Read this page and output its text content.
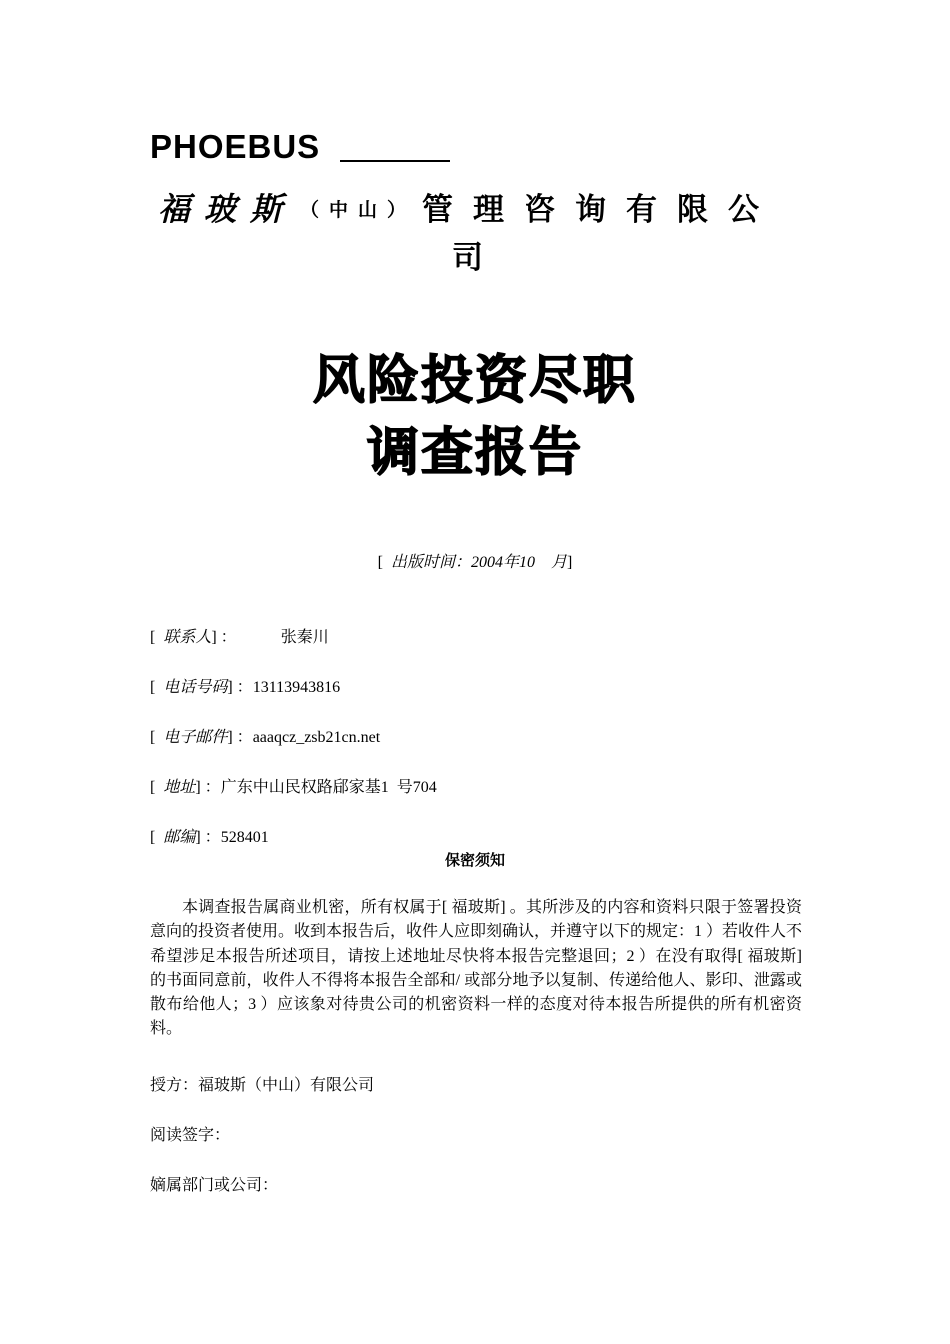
PHOEBUS
福玻斯 （中山） 管理咨询有限公
司
风险投资尽职
调查报告
[ 出版时间：2004年10　月]
[  联系人] ：   　　张秦川
[  电话号码] ：13113943816
[  电子邮件] ：aaaqcz_zsb21cn.net
[  地址] ：广东中山民权路郈家基1  号704
[  邮编] ：528401
保密须知
本调查报告属商业机密，所有权属于[ 福玻斯] 。其所涉及的内容和资料只限于签署投资意向的投资者使用。收到本报告后，收件人应即刻确认，并遵守以下的规定：1 ）若收件人不希望涉足本报告所述项目，请按上述地址尽快将本报告完整退回；2 ）在没有取得[ 福玻斯] 的书面同意前，收件人不得将本报告全部和/ 或部分地予以复制、传递给他人、影印、泄露或散布给他人；3 ）应该象对待贵公司的机密资料一样的态度对待本报告所提供的所有机密资料。
授方：福玻斯（中山）有限公司
阅读签字：
嫡属部门或公司：
